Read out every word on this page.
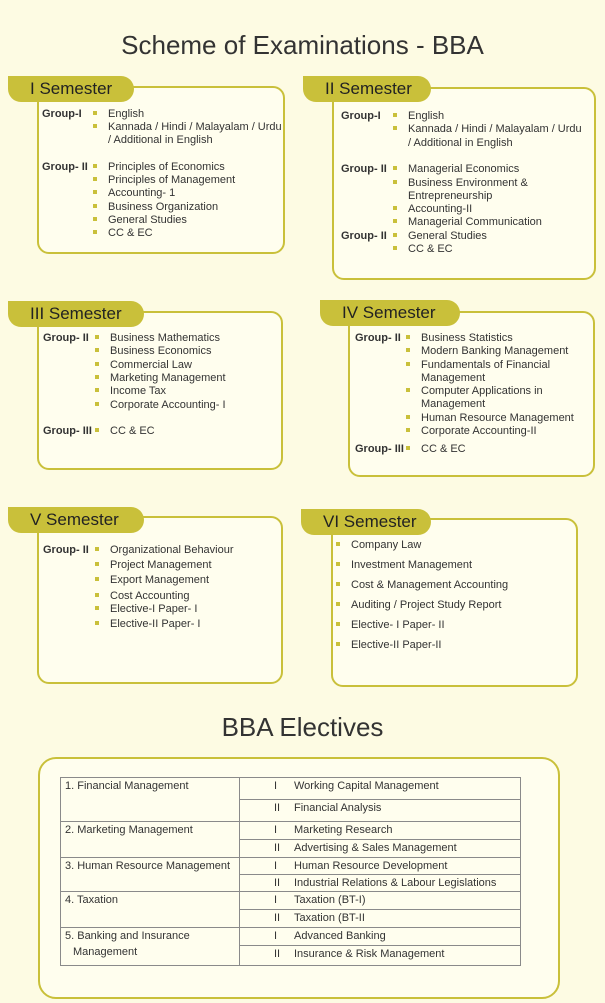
Scheme of Examinations - BBA
I Semester
Group-I English
Kannada / Hindi / Malayalam / Urdu
/ Additional in English
Group- II Principles of Economics
Principles of Management
Accounting- 1
Business Organization
General Studies
CC & EC
II Semester
Group-I English
Kannada / Hindi / Malayalam / Urdu
/ Additional in English
Group- II Managerial Economics
Business Environment &
Entrepreneurship
Accounting-II
Managerial Communication
Group- II General Studies
CC & EC
III Semester
Group- II Business Mathematics
Business Economics
Commercial Law
Marketing Management
Income Tax
Corporate Accounting- I
Group- III CC & EC
IV Semester
Group- II Business Statistics
Modern Banking Management
Fundamentals of Financial
Management
Computer Applications in
Management
Human Resource Management
Corporate Accounting-II
Group- III CC & EC
V Semester
Group- II Organizational Behaviour
Project Management
Export Management
Cost Accounting
Elective-I Paper- I
Elective-II Paper- I
VI Semester
Company Law
Investment Management
Cost & Management Accounting
Auditing / Project Study Report
Elective- I Paper- II
Elective-II Paper-II
BBA Electives
1. Financial Management	I Working Capital Management
	II Financial Analysis
2. Marketing Management	I Marketing Research
	II Advertising & Sales Management
3. Human Resource Management	I Human Resource Development
	II Industrial Relations & Labour Legislations
4. Taxation	I Taxation (BT-I)
	II Taxation (BT-II

5. Banking and Insurance
Management	I Advanced Banking
	II Insurance & Risk Management
